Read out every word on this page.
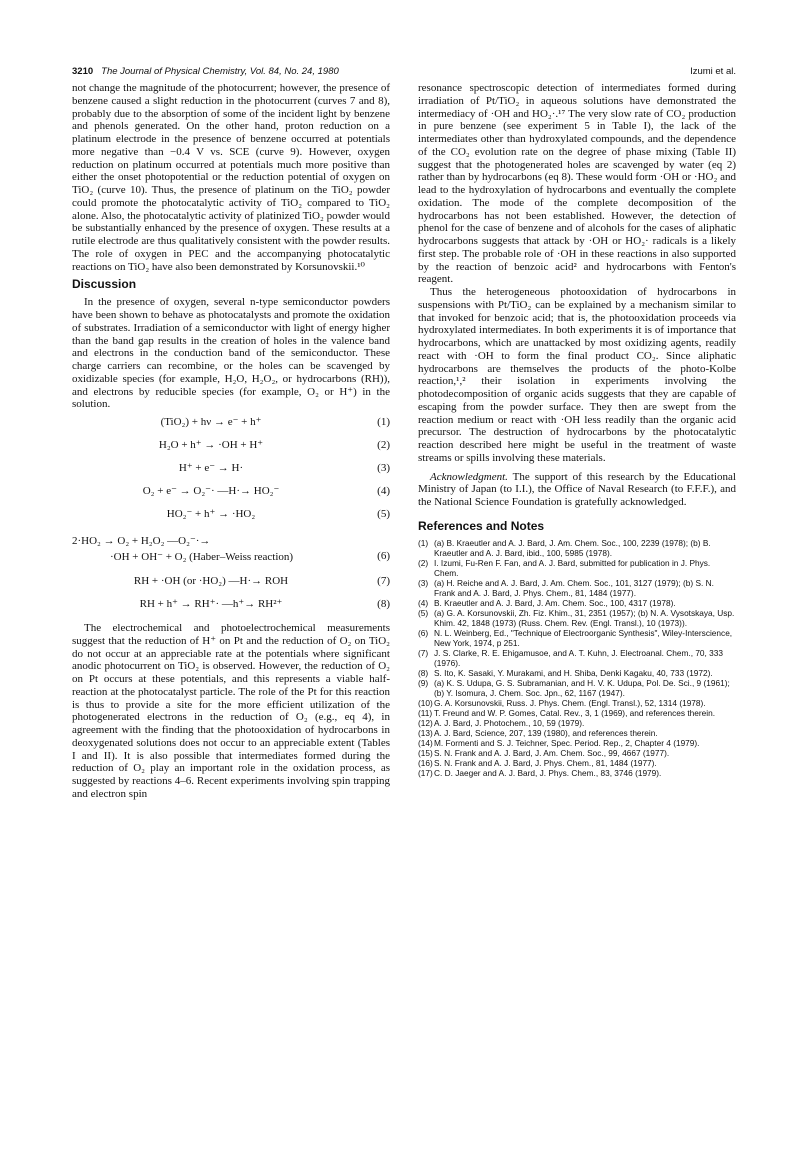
3210 The Journal of Physical Chemistry, Vol. 84, No. 24, 1980	Izumi et al.

not change the magnitude of the photocurrent; however, the presence of benzene caused a slight reduction in the photocurrent (curves 7 and 8), probably due to the absorption of some of the incident light by benzene and phenols generated. On the other hand, proton reduction on a platinum electrode in the presence of benzene occurred at potentials more negative than −0.4 V vs. SCE (curve 9). However, oxygen reduction on platinum occurred at potentials much more positive than either the onset photopotential or the reduction potential of oxygen on TiO₂ (curve 10). Thus, the presence of platinum on the TiO₂ powder could promote the photocatalytic activity of TiO₂ compared to TiO₂ alone. Also, the photocatalytic activity of platinized TiO₂ powder would be substantially enhanced by the presence of oxygen. These results at a rutile electrode are thus qualitatively consistent with the powder results. The role of oxygen in PEC and the accompanying photocatalytic reactions on TiO₂ have also been demonstrated by Korsunovskii.¹⁰

Discussion

In the presence of oxygen, several n-type semiconductor powders have been shown to behave as photocatalysts and promote the oxidation of substrates. Irradiation of a semiconductor with light of energy higher than the band gap results in the creation of holes in the valence band and electrons in the conduction band of the semiconductor. These charge carriers can recombine, or the holes can be scavenged by oxidizable species (for example, H₂O, H₂O₂, or hydrocarbons (RH)), and electrons by reducible species (for example, O₂ or H⁺) in the solution.

(TiO₂) + hν → e⁻ + h⁺	(1)
H₂O + h⁺ → ·OH + H⁺	(2)
H⁺ + e⁻ → H·	(3)
O₂ + e⁻ → O₂⁻· —H·→ HO₂⁻	(4)
HO₂⁻ + h⁺ → ·HO₂	(5)
2·HO₂ → O₂ + H₂O₂ —O₂⁻·→
·OH + OH⁻ + O₂ (Haber–Weiss reaction)	(6)
RH + ·OH (or ·HO₂) —H·→ ROH	(7)
RH + h⁺ → RH⁺· —h⁺→ RH²⁺	(8)

The electrochemical and photoelectrochemical measurements suggest that the reduction of H⁺ on Pt and the reduction of O₂ on TiO₂ do not occur at an appreciable rate at the potentials where significant anodic photocurrent on TiO₂ is observed. However, the reduction of O₂ on Pt occurs at these potentials, and this represents a viable half-reaction at the photocatalyst particle. The role of the Pt for this reaction is thus to provide a site for the more efficient utilization of the photogenerated electrons in the reduction of O₂ (e.g., eq 4), in agreement with the finding that the photooxidation of hydrocarbons in deoxygenated solutions does not occur to an appreciable extent (Tables I and II). It is also possible that intermediates formed during the reduction of O₂ play an important role in the oxidation process, as suggested by reactions 4–6. Recent experiments involving spin trapping and electron spin

resonance spectroscopic detection of intermediates formed during irradiation of Pt/TiO₂ in aqueous solutions have demonstrated the intermediacy of ·OH and HO₂·.¹⁷ The very slow rate of CO₂ production in pure benzene (see experiment 5 in Table I), the lack of the intermediates other than hydroxylated compounds, and the dependence of the CO₂ evolution rate on the degree of phase mixing (Table II) suggest that the photogenerated holes are scavenged by water (eq 2) rather than by hydrocarbons (eq 8). These would form ·OH or ·HO₂ and lead to the hydroxylation of hydrocarbons and eventually the complete oxidation. The mode of the complete decomposition of the hydrocarbons has not been established. However, the detection of phenol for the case of benzene and of alcohols for the cases of aliphatic hydrocarbons suggests that attack by ·OH or HO₂· radicals is a likely first step. The probable role of ·OH in these reactions in also supported by the reaction of benzoic acid² and hydrocarbons with Fenton's reagent.

Thus the heterogeneous photooxidation of hydrocarbons in suspensions with Pt/TiO₂ can be explained by a mechanism similar to that invoked for benzoic acid; that is, the photooxidation proceeds via hydroxylated intermediates. In both experiments it is of importance that hydrocarbons, which are unattacked by most oxidizing agents, readily react with ·OH to form the final product CO₂. Since aliphatic hydrocarbons are themselves the products of the photo-Kolbe reaction,¹,² their isolation in experiments involving the photodecomposition of organic acids suggests that they are capable of escaping from the powder surface. They then are swept from the reaction medium or react with ·OH less readily than the organic acid precursor. The destruction of hydrocarbons by the photocatalytic reaction described here might be useful in the treatment of waste streams or spills involving these materials.

Acknowledgment. The support of this research by the Educational Ministry of Japan (to I.I.), the Office of Naval Research (to F.F.F.), and the National Science Foundation is gratefully acknowledged.

References and Notes
(1) (a) B. Kraeutler and A. J. Bard, J. Am. Chem. Soc., 100, 2239 (1978); (b) B. Kraeutler and A. J. Bard, ibid., 100, 5985 (1978).
(2) I. Izumi, Fu-Ren F. Fan, and A. J. Bard, submitted for publication in J. Phys. Chem.
(3) (a) H. Reiche and A. J. Bard, J. Am. Chem. Soc., 101, 3127 (1979); (b) S. N. Frank and A. J. Bard, J. Phys. Chem., 81, 1484 (1977).
(4) B. Kraeutler and A. J. Bard, J. Am. Chem. Soc., 100, 4317 (1978).
(5) (a) G. A. Korsunovskii, Zh. Fiz. Khim., 31, 2351 (1957); (b) N. A. Vysotskaya, Usp. Khim. 42, 1848 (1973) (Russ. Chem. Rev. (Engl. Transl.), 10 (1973)).
(6) N. L. Weinberg, Ed., "Technique of Electroorganic Synthesis", Wiley-Interscience, New York, 1974, p 251.
(7) J. S. Clarke, R. E. Ehigamusoe, and A. T. Kuhn, J. Electroanal. Chem., 70, 333 (1976).
(8) S. Ito, K. Sasaki, Y. Murakami, and H. Shiba, Denki Kagaku, 40, 733 (1972).
(9) (a) K. S. Udupa, G. S. Subramanian, and H. V. K. Udupa, Pol. De. Sci., 9 (1961); (b) Y. Isomura, J. Chem. Soc. Jpn., 62, 1167 (1947).
(10) G. A. Korsunovskii, Russ. J. Phys. Chem. (Engl. Transl.), 52, 1314 (1978).
(11) T. Freund and W. P. Gomes, Catal. Rev., 3, 1 (1969), and references therein.
(12) A. J. Bard, J. Photochem., 10, 59 (1979).
(13) A. J. Bard, Science, 207, 139 (1980), and references therein.
(14) M. Formenti and S. J. Teichner, Spec. Period. Rep., 2, Chapter 4 (1979).
(15) S. N. Frank and A. J. Bard, J. Am. Chem. Soc., 99, 4667 (1977).
(16) S. N. Frank and A. J. Bard, J. Phys. Chem., 81, 1484 (1977).
(17) C. D. Jaeger and A. J. Bard, J. Phys. Chem., 83, 3746 (1979).
